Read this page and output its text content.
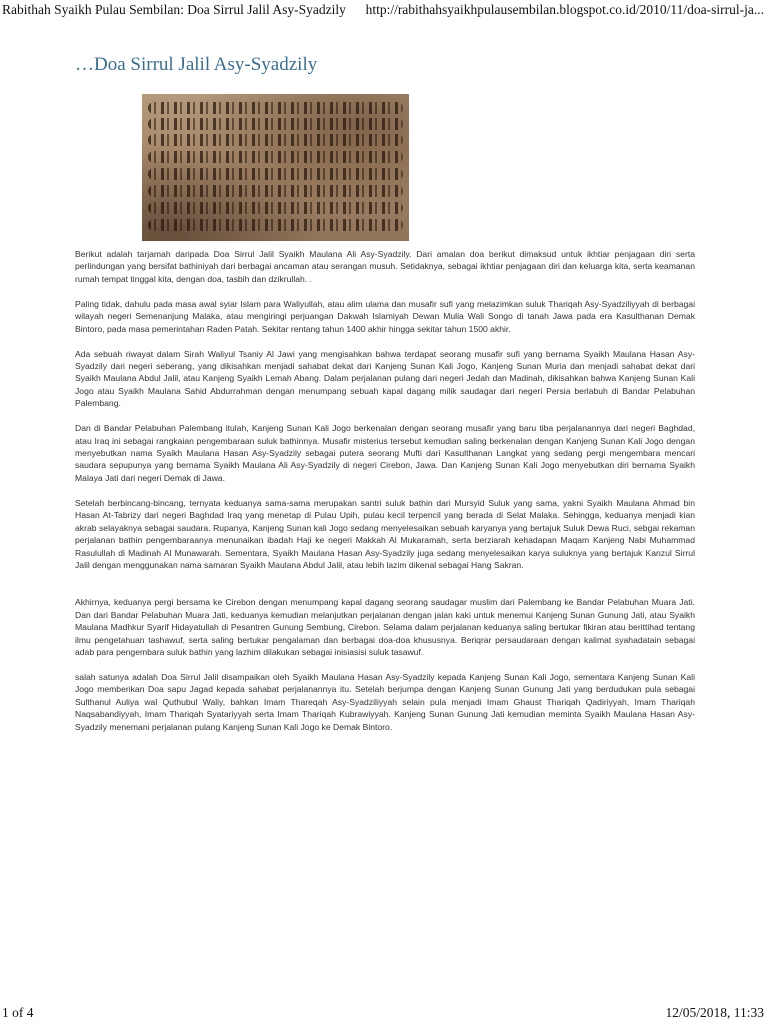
Rabithah Syaikh Pulau Sembilan: Doa Sirrul Jalil Asy-Syadzily http://rabithahsyaikhpulausembilan.blogspot.co.id/2010/11/doa-sirrul-ja...
…Doa Sirrul Jalil Asy-Syadzily

Berikut adalah tarjamah daripada Doa Sirrul Jalil Syaikh Maulana Ali Asy-Syadzily. Dari amalan doa berikut dimaksud untuk ikhtiar penjagaan diri serta perlindungan yang bersifat bathiniyah dari berbagai ancaman atau serangan musuh. Setidaknya, sebagai ikhtiar penjagaan diri dan keluarga kita, serta keamanan rumah tempat tinggal kita, dengan doa, tasbih dan dzikrullah. .

Paling tidak, dahulu pada masa awal syiar Islam para Waliyullah, atau alim ulama dan musafir sufi yang melazimkan suluk Thariqah Asy-Syadziliyyah di berbagai wilayah negeri Semenanjung Malaka, atau mengiringi perjuangan Dakwah Islamiyah Dewan Mulia Wali Songo di tanah Jawa pada era Kasulthanan Demak Bintoro, pada masa pemerintahan Raden Patah. Sekitar rentang tahun 1400 akhir hingga sekitar tahun 1500 akhir.

Ada sebuah riwayat dalam Sirah Waliyul Tsaniy Al Jawi yang mengisahkan bahwa terdapat seorang musafir sufi yang bernama Syaikh Maulana Hasan Asy-Syadzily dari negeri seberang, yang dikisahkan menjadi sahabat dekat dari Kanjeng Sunan Kali Jogo, Kanjeng Sunan Muria dan menjadi sahabat dekat dari Syaikh Maulana Abdul Jalil, atau Kanjeng Syaikh Lemah Abang. Dalam perjalanan pulang dari negeri Jedah dan Madinah, dikisahkan bahwa Kanjeng Sunan Kali Jogo atau Syaikh Maulana Sahid Abdurrahman dengan menumpang sebuah kapal dagang milik saudagar dari negeri Persia berlabuh di Bandar Pelabuhan Palembang.

Dan di Bandar Pelabuhan Palembang itulah, Kanjeng Sunan Kali Jogo berkenalan dengan seorang musafir yang baru tiba perjalanannya dari negeri Baghdad, atau Iraq ini sebagai rangkaian pengembaraan suluk bathinnya. Musafir misterius tersebut kemudian saling berkenalan dengan Kanjeng Sunan Kali Jogo dengan menyebutkan nama Syaikh Maulana Hasan Asy-Syadzily sebagai putera seorang Mufti dari Kasulthanan Langkat yang sedang pergi mengembara mencari saudara sepupunya yang bernama Syaikh Maulana Ali Asy-Syadzily di negeri Cirebon, Jawa. Dan Kanjeng Sunan Kali Jogo menyebutkan diri bernama Syaikh Malaya Jati dari negeri Demak di Jawa.

Setelah berbincang-bincang, ternyata keduanya sama-sama merupakan santri suluk bathin dari Mursyid Suluk yang sama, yakni Syaikh Maulana Ahmad bin Hasan At-Tabrizy dari negeri Baghdad Iraq yang menetap di Pulau Upih, pulau kecil terpencil yang berada di Selat Malaka. Sehingga, keduanya menjadi kian akrab selayaknya sebagai saudara. Rupanya, Kanjeng Sunan kali Jogo sedang menyelesaikan sebuah karyanya yang bertajuk Suluk Dewa Ruci, sebgai rekaman perjalanan bathin pengembaraanya menunaikan ibadah Haji ke negeri Makkah Al Mukaramah, serta berziarah kehadapan Maqam Kanjeng Nabi Muhammad Rasulullah di Madinah Al Munawarah. Sementara, Syaikh Maulana Hasan Asy-Syadzily juga sedang menyelesaikan karya suluknya yang bertajuk Kanzul Sirrul Jalil dengan menggunakan nama samaran Syaikh Maulana Abdul Jalil, atau lebih lazim dikenal sebagai Hang Sakran.

Akhirnya, keduanya pergi bersama ke Cirebon dengan menumpang kapal dagang seorang saudagar muslim dari Palembang ke Bandar Pelabuhan Muara Jati. Dan dari Bandar Pelabuhan Muara Jati, keduanya kemudian melanjutkan perjalanan dengan jalan kaki untuk menemui Kanjeng Sunan Gunung Jati, atau Syaikh Maulana Madhkur Syarif Hidayatullah di Pesantren Gunung Sembung, Cirebon. Selama dalam perjalanan keduanya saling bertukar fikiran atau berittihad tentang ilmu pengetahuan tashawuf, serta saling bertukar pengalaman dan berbagai doa-doa khususnya. Beriqrar persaudaraan dengan kalimat syahadatain sebagai adab para pengembara suluk bathin yang lazhim dilakukan sebagai inisiasisi suluk tasawuf.

salah satunya adalah Doa Sirrul Jalil disampaikan oleh Syaikh Maulana Hasan Asy-Syadzily kepada Kanjeng Sunan Kali Jogo, sementara Kanjeng Sunan Kali Jogo memberikan Doa sapu Jagad kepada sahabat perjalanannya itu. Setelah berjumpa dengan Kanjeng Sunan Gunung Jati yang berdudukan pula sebagai Sulthanul Auliya wal Quthubul Waliy, bahkan Imam Thareqah Asy-Syadziliyyah selain pula menjadi Imam Ghaust Thariqah Qadiriyyah, Imam Thariqah Naqsabandiyyah, Imam Thariqah Syatariyyah serta Imam Thariqah Kubrawiyyah. Kanjeng Sunan Gunung Jati kemudian meminta Syaikh Maulana Hasan Asy-Syadzily menemani perjalanan pulang Kanjeng Sunan Kali Jogo ke Demak Bintoro.

1 of 4	12/05/2018, 11:33
